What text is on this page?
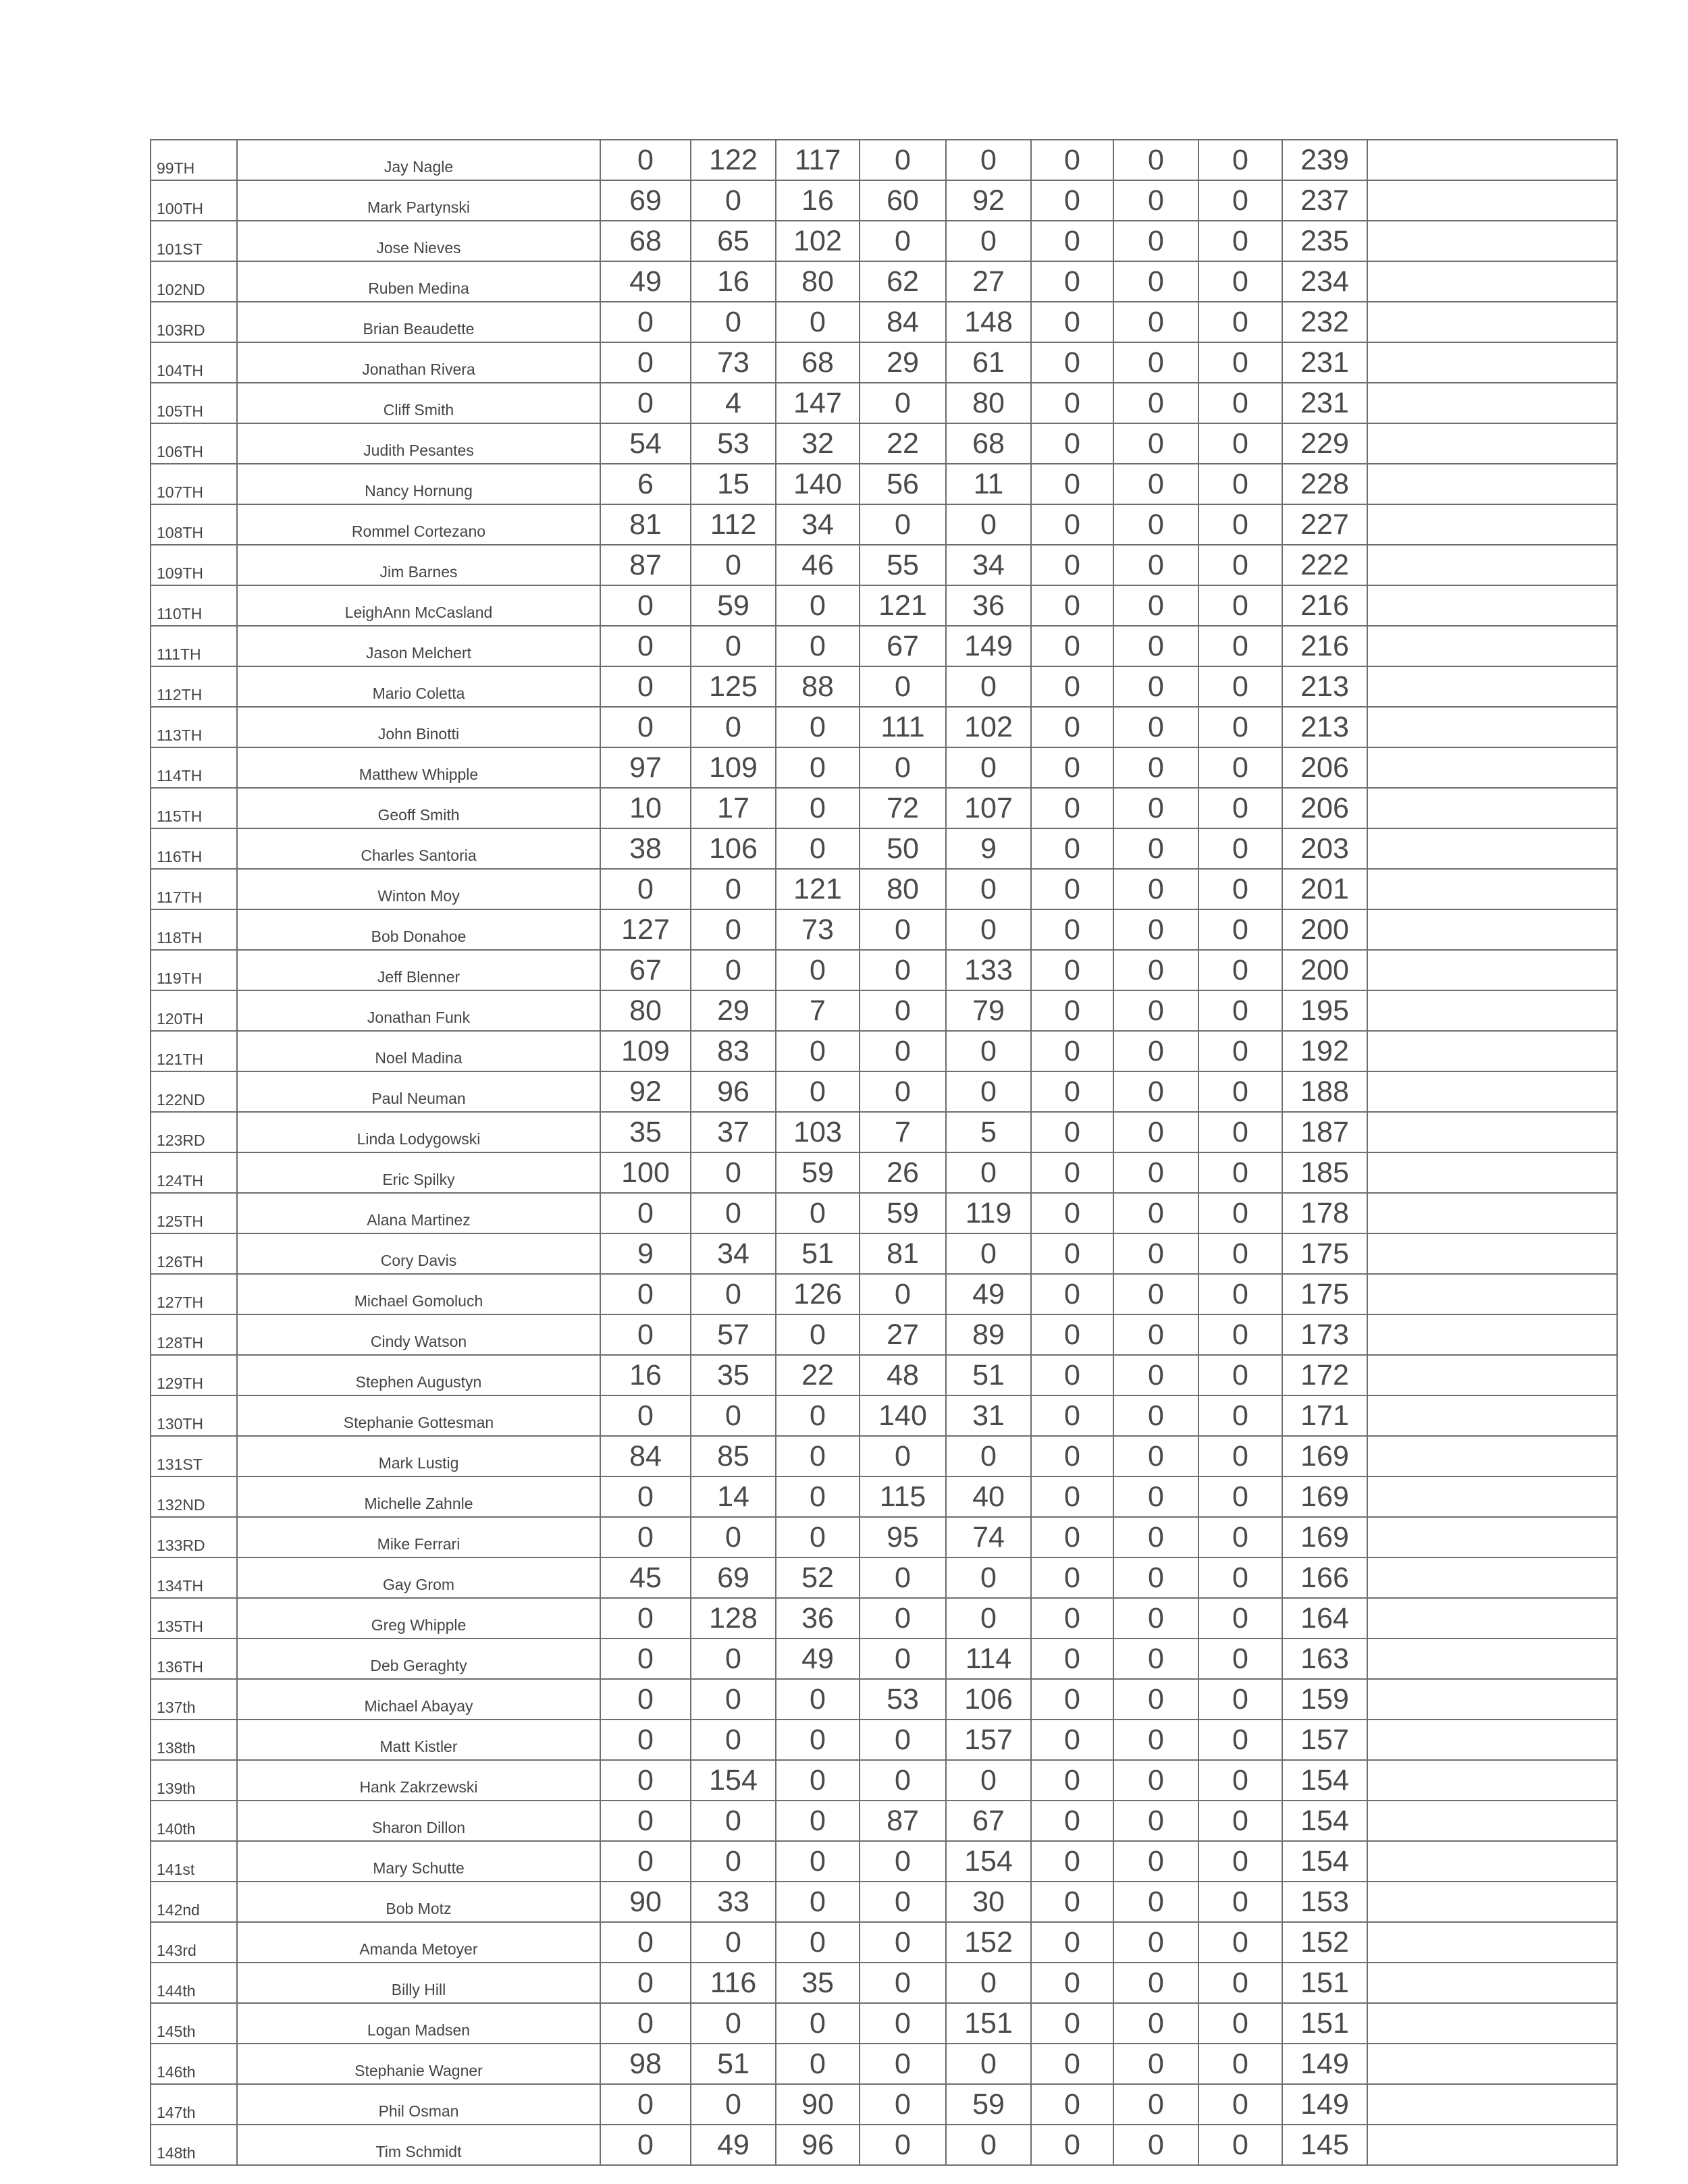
99TH	Jay Nagle	0	122	117	0	0	0	0	0	239	
100TH	Mark Partynski	69	0	16	60	92	0	0	0	237	
101ST	Jose Nieves	68	65	102	0	0	0	0	0	235	
102ND	Ruben Medina	49	16	80	62	27	0	0	0	234	
103RD	Brian Beaudette	0	0	0	84	148	0	0	0	232	
104TH	Jonathan Rivera	0	73	68	29	61	0	0	0	231	
105TH	Cliff Smith	0	4	147	0	80	0	0	0	231	
106TH	Judith Pesantes	54	53	32	22	68	0	0	0	229	
107TH	Nancy Hornung	6	15	140	56	11	0	0	0	228	
108TH	Rommel Cortezano	81	112	34	0	0	0	0	0	227	
109TH	Jim Barnes	87	0	46	55	34	0	0	0	222	
110TH	LeighAnn McCasland	0	59	0	121	36	0	0	0	216	
111TH	Jason Melchert	0	0	0	67	149	0	0	0	216	
112TH	Mario Coletta	0	125	88	0	0	0	0	0	213	
113TH	John Binotti	0	0	0	111	102	0	0	0	213	
114TH	Matthew Whipple	97	109	0	0	0	0	0	0	206	
115TH	Geoff Smith	10	17	0	72	107	0	0	0	206	
116TH	Charles Santoria	38	106	0	50	9	0	0	0	203	
117TH	Winton Moy	0	0	121	80	0	0	0	0	201	
118TH	Bob Donahoe	127	0	73	0	0	0	0	0	200	
119TH	Jeff Blenner	67	0	0	0	133	0	0	0	200	
120TH	Jonathan Funk	80	29	7	0	79	0	0	0	195	
121TH	Noel Madina	109	83	0	0	0	0	0	0	192	
122ND	Paul Neuman	92	96	0	0	0	0	0	0	188	
123RD	Linda Lodygowski	35	37	103	7	5	0	0	0	187	
124TH	Eric Spilky	100	0	59	26	0	0	0	0	185	
125TH	Alana Martinez	0	0	0	59	119	0	0	0	178	
126TH	Cory Davis	9	34	51	81	0	0	0	0	175	
127TH	Michael Gomoluch	0	0	126	0	49	0	0	0	175	
128TH	Cindy Watson	0	57	0	27	89	0	0	0	173	
129TH	Stephen Augustyn	16	35	22	48	51	0	0	0	172	
130TH	Stephanie Gottesman	0	0	0	140	31	0	0	0	171	
131ST	Mark Lustig	84	85	0	0	0	0	0	0	169	
132ND	Michelle Zahnle	0	14	0	115	40	0	0	0	169	
133RD	Mike Ferrari	0	0	0	95	74	0	0	0	169	
134TH	Gay Grom	45	69	52	0	0	0	0	0	166	
135TH	Greg Whipple	0	128	36	0	0	0	0	0	164	
136TH	Deb Geraghty	0	0	49	0	114	0	0	0	163	
137th	Michael Abayay	0	0	0	53	106	0	0	0	159	
138th	Matt Kistler	0	0	0	0	157	0	0	0	157	
139th	Hank Zakrzewski	0	154	0	0	0	0	0	0	154	
140th	Sharon Dillon	0	0	0	87	67	0	0	0	154	
141st	Mary Schutte	0	0	0	0	154	0	0	0	154	
142nd	Bob Motz	90	33	0	0	30	0	0	0	153	
143rd	Amanda Metoyer	0	0	0	0	152	0	0	0	152	
144th	Billy Hill	0	116	35	0	0	0	0	0	151	
145th	Logan Madsen	0	0	0	0	151	0	0	0	151	
146th	Stephanie Wagner	98	51	0	0	0	0	0	0	149	
147th	Phil Osman	0	0	90	0	59	0	0	0	149	
148th	Tim Schmidt	0	49	96	0	0	0	0	0	145	
